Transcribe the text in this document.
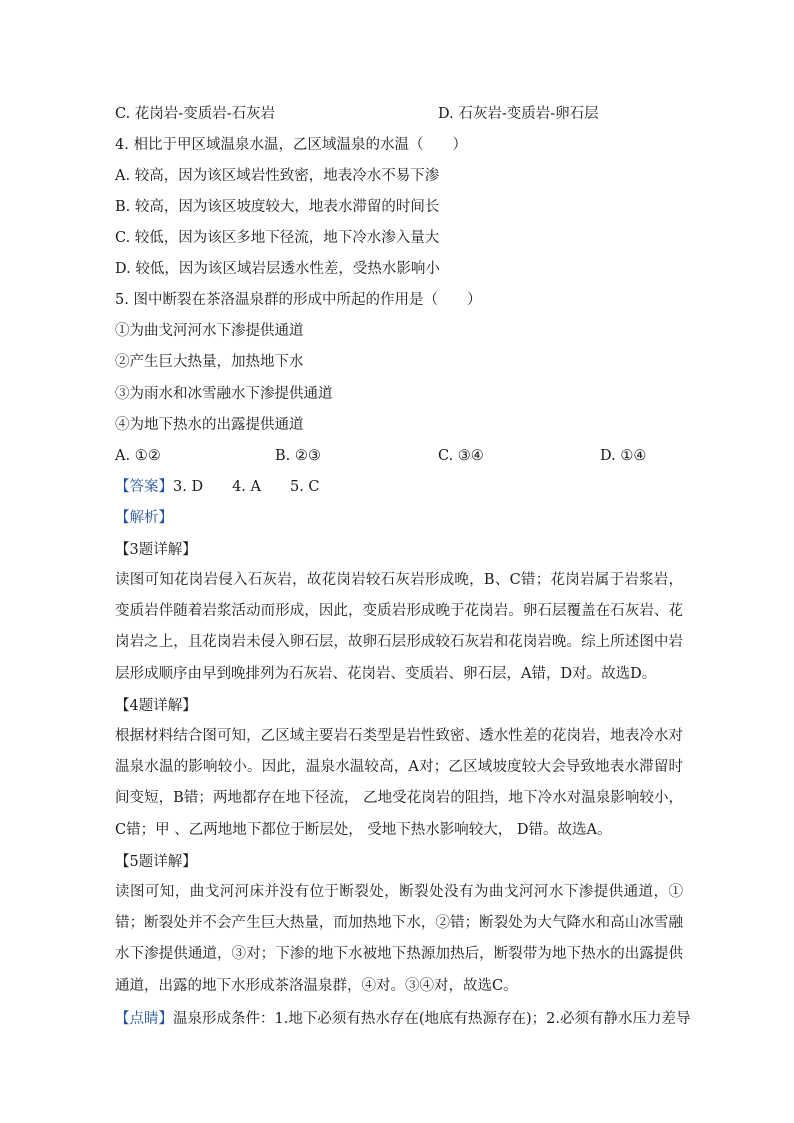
C. 花岗岩-变质岩-石灰岩	D. 石灰岩-变质岩-卵石层
4. 相比于甲区域温泉水温，乙区域温泉的水温（　　）
A. 较高，因为该区域岩性致密，地表冷水不易下渗
B. 较高，因为该区坡度较大，地表水滞留的时间长
C. 较低，因为该区多地下径流，地下冷水渗入量大
D. 较低，因为该区域岩层透水性差，受热水影响小
5. 图中断裂在茶洛温泉群的形成中所起的作用是（　　）
①为曲戈河河水下渗提供通道
②产生巨大热量，加热地下水
③为雨水和冰雪融水下渗提供通道
④为地下热水的出露提供通道
A. ①②	B. ②③	C. ③④	D. ①④
【答案】3. D　　4. A　　5. C
【解析】
【3题详解】
读图可知花岗岩侵入石灰岩，故花岗岩较石灰岩形成晚，B、C错；花岗岩属于岩浆岩，变质岩伴随着岩浆活动而形成，因此，变质岩形成晚于花岗岩。卵石层覆盖在石灰岩、花岗岩之上，且花岗岩未侵入卵石层，故卵石层形成较石灰岩和花岗岩晚。综上所述图中岩层形成顺序由早到晚排列为石灰岩、花岗岩、变质岩、卵石层，A错，D对。故选D。
【4题详解】
根据材料结合图可知，乙区域主要岩石类型是岩性致密、透水性差的花岗岩，地表冷水对温泉水温的影响较小。因此，温泉水温较高，A对；乙区域坡度较大会导致地表水滞留时间变短，B错；两地都存在地下径流， 乙地受花岗岩的阻挡，地下冷水对温泉影响较小， C错；甲 、乙两地地下都位于断层处， 受地下热水影响较大， D错。故选A。
【5题详解】
读图可知，曲戈河河床并没有位于断裂处，断裂处没有为曲戈河河水下渗提供通道，①错；断裂处并不会产生巨大热量，而加热地下水，②错；断裂处为大气降水和高山冰雪融水下渗提供通道，③对；下渗的地下水被地下热源加热后，断裂带为地下热水的出露提供通道，出露的地下水形成茶洛温泉群，④对。③④对，故选C。
【点睛】温泉形成条件：1.地下必须有热水存在(地底有热源存在)；2.必须有静水压力差导
